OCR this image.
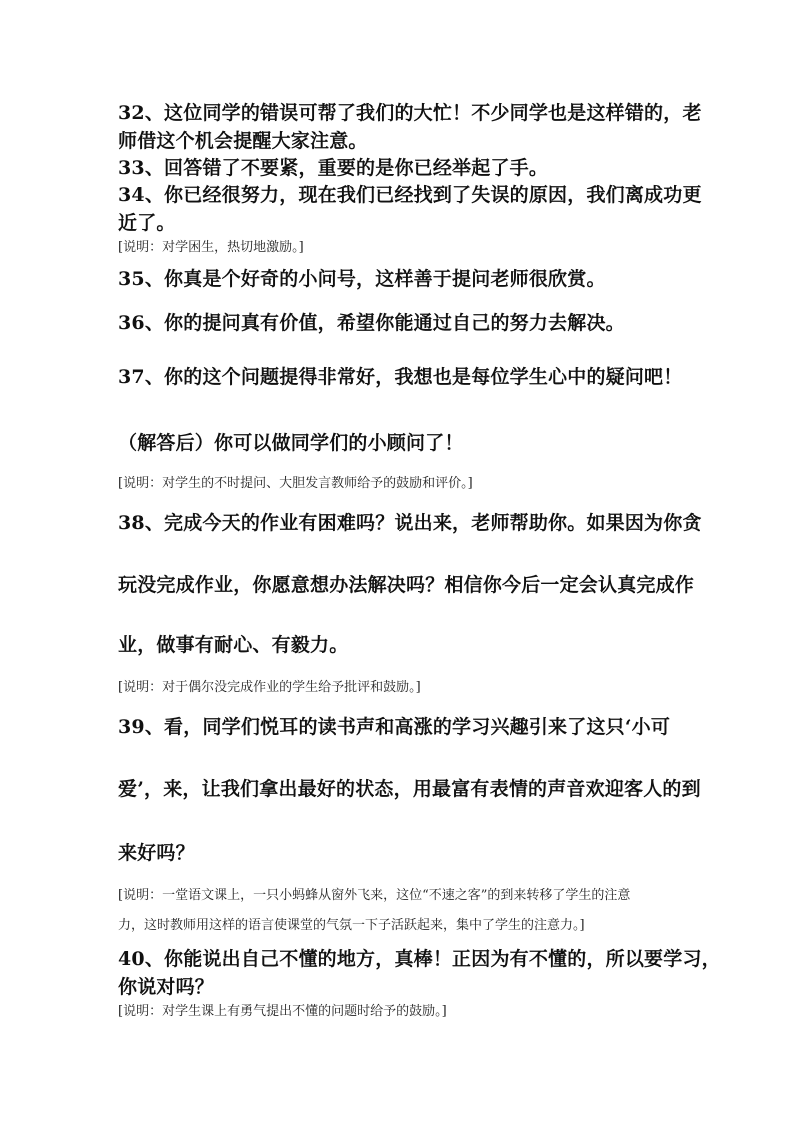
32、这位同学的错误可帮了我们的大忙！不少同学也是这样错的，老

师借这个机会提醒大家注意。

33、回答错了不要紧，重要的是你已经举起了手。

34、你已经很努力，现在我们已经找到了失误的原因，我们离成功更

近了。

[说明：对学困生，热切地激励。]

35、你真是个好奇的小问号，这样善于提问老师很欣赏。

36、你的提问真有价值，希望你能通过自己的努力去解决。

37、你的这个问题提得非常好，我想也是每位学生心中的疑问吧！

（解答后）你可以做同学们的小顾问了！

[说明：对学生的不时提问、大胆发言教师给予的鼓励和评价。]

38、完成今天的作业有困难吗？说出来，老师帮助你。如果因为你贪

玩没完成作业，你愿意想办法解决吗？相信你今后一定会认真完成作

业，做事有耐心、有毅力。

[说明：对于偶尔没完成作业的学生给予批评和鼓励。]

39、看，同学们悦耳的读书声和高涨的学习兴趣引来了这只‘小可

爱’，来，让我们拿出最好的状态，用最富有表情的声音欢迎客人的到

来好吗？

[说明：一堂语文课上，一只小蚂蜂从窗外飞来，这位“不速之客”的到来转移了学生的注意

力，这时教师用这样的语言使课堂的气氛一下子活跃起来，集中了学生的注意力。]

40、你能说出自己不懂的地方，真棒！正因为有不懂的，所以要学习，

你说对吗？

[说明：对学生课上有勇气提出不懂的问题时给予的鼓励。]
